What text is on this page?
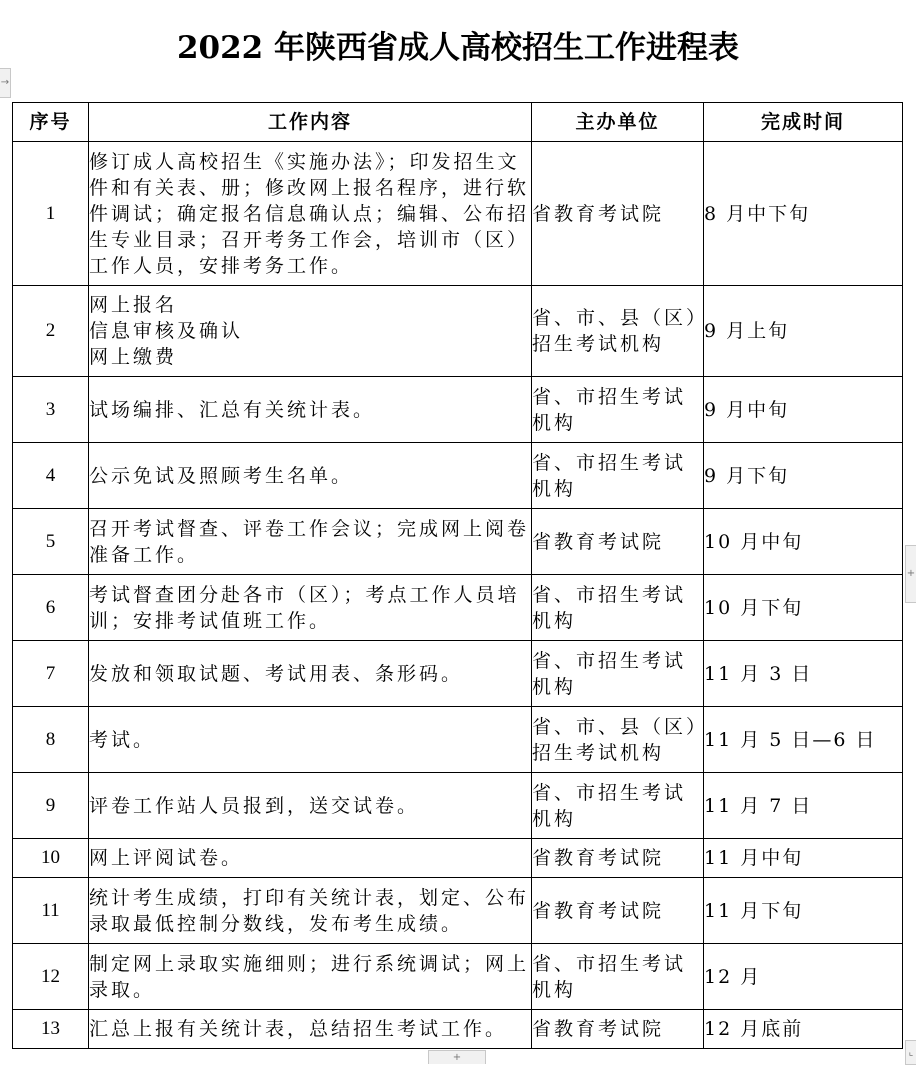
2022 年陕西省成人高校招生工作进程表
→
+
⌞
+
序号	工作内容	主办单位	完成时间
1	修订成人高校招生《实施办法》；印发招生文件和有关表、册；修改网上报名程序，进行软件调试；确定报名信息确认点；编辑、公布招生专业目录；召开考务工作会，培训市（区）工作人员，安排考务工作。	省教育考试院	8 月中下旬
2	网上报名
信息审核及确认
网上缴费	省、市、县（区）招生考试机构	9 月上旬
3	试场编排、汇总有关统计表。	省、市招生考试机构	9 月中旬
4	公示免试及照顾考生名单。	省、市招生考试机构	9 月下旬
5	召开考试督查、评卷工作会议；完成网上阅卷准备工作。	省教育考试院	10 月中旬
6	考试督查团分赴各市（区）；考点工作人员培训；安排考试值班工作。	省、市招生考试机构	10 月下旬
7	发放和领取试题、考试用表、条形码。	省、市招生考试机构	11 月 3 日
8	考试。	省、市、县（区）招生考试机构	11 月 5 日—6 日
9	评卷工作站人员报到，送交试卷。	省、市招生考试机构	11 月 7 日
10	网上评阅试卷。	省教育考试院	11 月中旬
11	统计考生成绩，打印有关统计表，划定、公布录取最低控制分数线，发布考生成绩。	省教育考试院	11 月下旬
12	制定网上录取实施细则；进行系统调试；网上录取。	省、市招生考试机构	12 月
13	汇总上报有关统计表，总结招生考试工作。	省教育考试院	12 月底前
